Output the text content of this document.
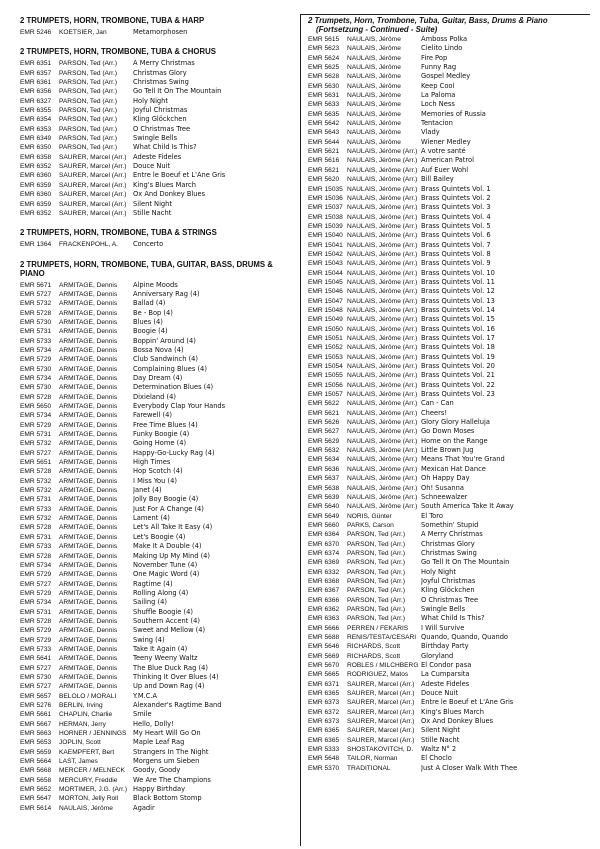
2 TRUMPETS, HORN, TROMBONE, TUBA & HARP
EMR 5246	KOETSIER, Jan	Metamorphosen
2 TRUMPETS, HORN, TROMBONE, TUBA & CHORUS
EMR 6351	PARSON, Ted (Arr.)	A Merry Christmas
EMR 6357	PARSON, Ted (Arr.)	Christmas Glory
EMR 6361	PARSON, Ted (Arr.)	Christmas Swing
EMR 6356	PARSON, Ted (Arr.)	Go Tell It On The Mountain
EMR 6327	PARSON, Ted (Arr.)	Holy Night
EMR 6355	PARSON, Ted (Arr.)	Joyful Christmas
EMR 6354	PARSON, Ted (Arr.)	Kling Glöckchen
EMR 6353	PARSON, Ted (Arr.)	O Christmas Tree
EMR 6349	PARSON, Ted (Arr.)	Swingle Bells
EMR 6350	PARSON, Ted (Arr.)	What Child Is This?
EMR 6358	SAURER, Marcel (Arr.) Adeste Fideles
EMR 6352	SAURER, Marcel (Arr.) Douce Nuit
EMR 6360	SAURER, Marcel (Arr.) Entre le Boeuf et L'Âne Gris
EMR 6359	SAURER, Marcel (Arr.) King's Blues March
EMR 6360	SAURER, Marcel (Arr.) Ox And Donkey Blues
EMR 6359	SAURER, Marcel (Arr.) Silent Night
EMR 6352	SAURER, Marcel (Arr.) Stille Nacht
2 TRUMPETS, HORN, TROMBONE, TUBA & STRINGS
EMR 1364	FRACKENPOHL, A.	Concerto
2 TRUMPETS, HORN, TROMBONE, TUBA, GUITAR, BASS, DRUMS & PIANO
EMR 5671	ARMITAGE, Dennis	Alpine Moods
EMR 5727	ARMITAGE, Dennis	Anniversary Rag (4)
EMR 5732	ARMITAGE, Dennis	Ballad (4)
EMR 5728	ARMITAGE, Dennis	Be - Bop (4)
EMR 5730	ARMITAGE, Dennis	Blues (4)
EMR 5731	ARMITAGE, Dennis	Boogie (4)
EMR 5733	ARMITAGE, Dennis	Boppin' Around (4)
EMR 5734	ARMITAGE, Dennis	Bossa Nova (4)
EMR 5729	ARMITAGE, Dennis	Club Sandwinch (4)
EMR 5730	ARMITAGE, Dennis	Complaining Blues (4)
EMR 5734	ARMITAGE, Dennis	Day Dream (4)
EMR 5730	ARMITAGE, Dennis	Determination Blues (4)
EMR 5728	ARMITAGE, Dennis	Dixieland (4)
EMR 5650	ARMITAGE, Dennis	Everybody Clap Your Hands
EMR 5734	ARMITAGE, Dennis	Farewell (4)
EMR 5729	ARMITAGE, Dennis	Free Time Blues (4)
EMR 5731	ARMITAGE, Dennis	Funky Boogie (4)
EMR 5732	ARMITAGE, Dennis	Going Home (4)
EMR 5727	ARMITAGE, Dennis	Happy-Go-Lucky Rag (4)
EMR 5651	ARMITAGE, Dennis	High Times
EMR 5728	ARMITAGE, Dennis	Hop Scotch (4)
EMR 5732	ARMITAGE, Dennis	I Miss You (4)
EMR 5732	ARMITAGE, Dennis	Janet (4)
EMR 5731	ARMITAGE, Dennis	Jolly Boy Boogie (4)
EMR 5733	ARMITAGE, Dennis	Just For A Change (4)
EMR 5732	ARMITAGE, Dennis	Lament (4)
EMR 5728	ARMITAGE, Dennis	Let's All Take It Easy (4)
EMR 5731	ARMITAGE, Dennis	Let's Boogie (4)
EMR 5733	ARMITAGE, Dennis	Make It A Double (4)
EMR 5728	ARMITAGE, Dennis	Making Up My Mind (4)
EMR 5734	ARMITAGE, Dennis	November Tune (4)
EMR 5729	ARMITAGE, Dennis	One Magic Word (4)
EMR 5727	ARMITAGE, Dennis	Ragtime (4)
EMR 5729	ARMITAGE, Dennis	Rolling Along (4)
EMR 5734	ARMITAGE, Dennis	Sailing (4)
EMR 5731	ARMITAGE, Dennis	Shuffle Boogie (4)
EMR 5728	ARMITAGE, Dennis	Southern Accent (4)
EMR 5729	ARMITAGE, Dennis	Sweet and Mellow (4)
EMR 5729	ARMITAGE, Dennis	Swing (4)
EMR 5733	ARMITAGE, Dennis	Take It Again (4)
EMR 5641	ARMITAGE, Dennis	Teeny Weeny Waltz
EMR 5727	ARMITAGE, Dennis	The Blue Duck Rag (4)
EMR 5730	ARMITAGE, Dennis	Thinking It Over Blues (4)
EMR 5727	ARMITAGE, Dennis	Up and Down Rag (4)
EMR 5657	BELOLO / MORALI	Y.M.C.A
EMR 5276	BERLIN, Irving	Alexander's Ragtime Band
EMR 5661	CHAPLIN, Charlie	Smile
EMR 5667	HERMAN, Jerry	Hello, Dolly!
EMR 5663	HORNER / JENNINGS My Heart Will Go On
EMR 5653	JOPLIN, Scott	Maple Leaf Rag
EMR 5659	KAEMPFERT, Bert	Strangers In The Night
EMR 5664	LAST, James	Morgens um Sieben
EMR 5668	MERCER / MELNECK	Goody, Goody
EMR 5658	MERCURY, Freddie	We Are The Champions
EMR 5652	MORTIMER, J.G. (Arr.) Happy Birthday
EMR 5647	MORTON, Jelly Roll	Black Bottom Stomp
EMR 5614	NAULAIS, Jérôme	Agadir
2 Trumpets, Horn, Trombone, Tuba, Guitar, Bass, Drums & Piano
(Fortsetzung - Continued - Suite)
EMR 5615	NAULAIS, Jérôme	Amboss Polka
EMR 5623	NAULAIS, Jérôme	Cielito Lindo
EMR 5624	NAULAIS, Jérôme	Fire Pop
EMR 5625	NAULAIS, Jérôme	Funny Rag
EMR 5628	NAULAIS, Jérôme	Gospel Medley
EMR 5630	NAULAIS, Jérôme	Keep Cool
EMR 5631	NAULAIS, Jérôme	La Paloma
EMR 5633	NAULAIS, Jérôme	Loch Ness
EMR 5635	NAULAIS, Jérôme	Memories of Russia
EMR 5642	NAULAIS, Jérôme	Tentacion
EMR 5643	NAULAIS, Jérôme	Vlady
EMR 5644	NAULAIS, Jérôme	Wiener Medley
EMR 5621	NAULAIS, Jérôme (Arr.) A votre santé
EMR 5616	NAULAIS, Jérôme (Arr.) American Patrol
EMR 5621	NAULAIS, Jérôme (Arr.) Auf Euer Wohl
EMR 5620	NAULAIS, Jérôme (Arr.) Bill Bailey
EMR 15035 NAULAIS, Jérôme (Arr.) Brass Quintets Vol. 1
EMR 15036 NAULAIS, Jérôme (Arr.) Brass Quintets Vol. 2
EMR 15037 NAULAIS, Jérôme (Arr.) Brass Quintets Vol. 3
EMR 15038 NAULAIS, Jérôme (Arr.) Brass Quintets Vol. 4
EMR 15039 NAULAIS, Jérôme (Arr.) Brass Quintets Vol. 5
EMR 15040 NAULAIS, Jérôme (Arr.) Brass Quintets Vol. 6
EMR 15041 NAULAIS, Jérôme (Arr.) Brass Quintets Vol. 7
EMR 15042 NAULAIS, Jérôme (Arr.) Brass Quintets Vol. 8
EMR 15043 NAULAIS, Jérôme (Arr.) Brass Quintets Vol. 9
EMR 15044 NAULAIS, Jérôme (Arr.) Brass Quintets Vol. 10
EMR 15045 NAULAIS, Jérôme (Arr.) Brass Quintets Vol. 11
EMR 15046 NAULAIS, Jérôme (Arr.) Brass Quintets Vol. 12
EMR 15047 NAULAIS, Jérôme (Arr.) Brass Quintets Vol. 13
EMR 15048 NAULAIS, Jérôme (Arr.) Brass Quintets Vol. 14
EMR 15049 NAULAIS, Jérôme (Arr.) Brass Quintets Vol. 15
EMR 15050 NAULAIS, Jérôme (Arr.) Brass Quintets Vol. 16
EMR 15051 NAULAIS, Jérôme (Arr.) Brass Quintets Vol. 17
EMR 15052 NAULAIS, Jérôme (Arr.) Brass Quintets Vol. 18
EMR 15053 NAULAIS, Jérôme (Arr.) Brass Quintets Vol. 19
EMR 15054 NAULAIS, Jérôme (Arr.) Brass Quintets Vol. 20
EMR 15055 NAULAIS, Jérôme (Arr.) Brass Quintets Vol. 21
EMR 15056 NAULAIS, Jérôme (Arr.) Brass Quintets Vol. 22
EMR 15057 NAULAIS, Jérôme (Arr.) Brass Quintets Vol. 23
EMR 5622	NAULAIS, Jérôme (Arr.) Can - Can
EMR 5621	NAULAIS, Jérôme (Arr.) Cheers!
EMR 5626	NAULAIS, Jérôme (Arr.) Glory Glory Halleluja
EMR 5627	NAULAIS, Jérôme (Arr.) Go Down Moses
EMR 5629	NAULAIS, Jérôme (Arr.) Home on the Range
EMR 5632	NAULAIS, Jérôme (Arr.) Little Brown Jug
EMR 5634	NAULAIS, Jérôme (Arr.) Means That You're Grand
EMR 5636	NAULAIS, Jérôme (Arr.) Mexican Hat Dance
EMR 5637	NAULAIS, Jérôme (Arr.) Oh Happy Day
EMR 5638	NAULAIS, Jérôme (Arr.) Oh! Susanna
EMR 5639	NAULAIS, Jérôme (Arr.) Schneewalzer
EMR 5640	NAULAIS, Jérôme (Arr.) South America Take It Away
EMR 5649	NORIS, Günter	El Toro
EMR 5660	PARKS, Carson	Somethin' Stupid
EMR 6364	PARSON, Ted (Arr.)	A Merry Christmas
EMR 6370	PARSON, Ted (Arr.)	Christmas Glory
EMR 6374	PARSON, Ted (Arr.)	Christmas Swing
EMR 6369	PARSON, Ted (Arr.)	Go Tell It On The Mountain
EMR 6332	PARSON, Ted (Arr.)	Holy Night
EMR 6368	PARSON, Ted (Arr.)	Joyful Christmas
EMR 6367	PARSON, Ted (Arr.)	Kling Glöckchen
EMR 6366	PARSON, Ted (Arr.)	O Christmas Tree
EMR 6362	PARSON, Ted (Arr.)	Swingle Bells
EMR 6363	PARSON, Ted (Arr.)	What Child Is This?
EMR 5666	PERREN / FEKARIS	I Will Survive
EMR 5688	RENIS/TESTA/CESARI Quando, Quando, Quando
EMR 5646	RICHARDS, Scott	Birthday Party
EMR 5669	RICHARDS, Scott	Gloryland
EMR 5670	ROBLES / MILCHBERG El Condor pasa
EMR 5665	RODRIGUEZ, Matos	La Cumparsita
EMR 6371	SAURER, Marcel (Arr.) Adeste Fideles
EMR 6365	SAURER, Marcel (Arr.) Douce Nuit
EMR 6373	SAURER, Marcel (Arr.) Entre le Boeuf et L'Âne Gris
EMR 6372	SAURER, Marcel (Arr.) King's Blues March
EMR 6373	SAURER, Marcel (Arr.) Ox And Donkey Blues
EMR 6365	SAURER, Marcel (Arr.) Silent Night
EMR 6365	SAURER, Marcel (Arr.) Stille Nacht
EMR 5333	SHOSTAKOVITCH, D.	Waltz N° 2
EMR 5648	TAILOR, Norman	El Choclo
EMR 5370	TRADITIONAL	Just A Closer Walk With Thee
